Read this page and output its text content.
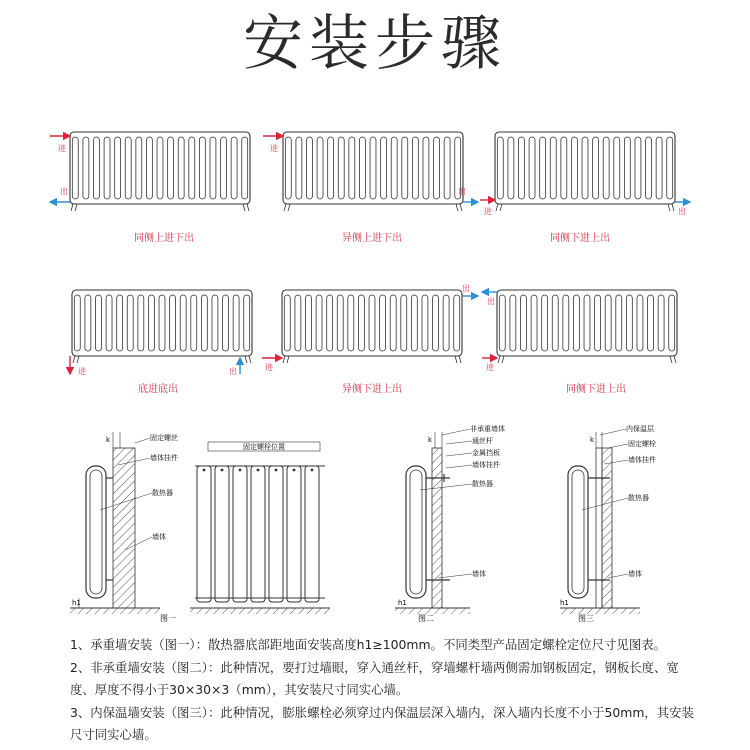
安装步骤
进
出
进
出
进	出
同侧上进下出	异侧上进下出	同侧下进上出
进	出	进
出
进
出
底进底出	异侧下进上出	同侧下进上出
k
h1
固定螺丝
墙体挂件
散热器
墙体
图一
固定螺栓位置
k
h1
非承重墙体
通丝杆
金属挡板
墙体挂件
散热器
墙体
图二
k
h1
内保温层
固定螺栓
墙体挂件
散热器
墙体
图三

1、承重墙安装（图一）：散热器底部距地面安装高度h1≥100mm。不同类型产品固定螺栓定位尺寸见图表。

2、非承重墙安装（图二）：此种情况，要打过墙眼，穿入通丝杆，穿墙螺杆墙两侧需加钢板固定，钢板长度、宽度、厚度不得小于30×30×3（mm），其安装尺寸同实心墙。

3、内保温墙安装（图三）：此种情况，膨胀螺栓必须穿过内保温层深入墙内，深入墙内长度不小于50mm，其安装尺寸同实心墙。
